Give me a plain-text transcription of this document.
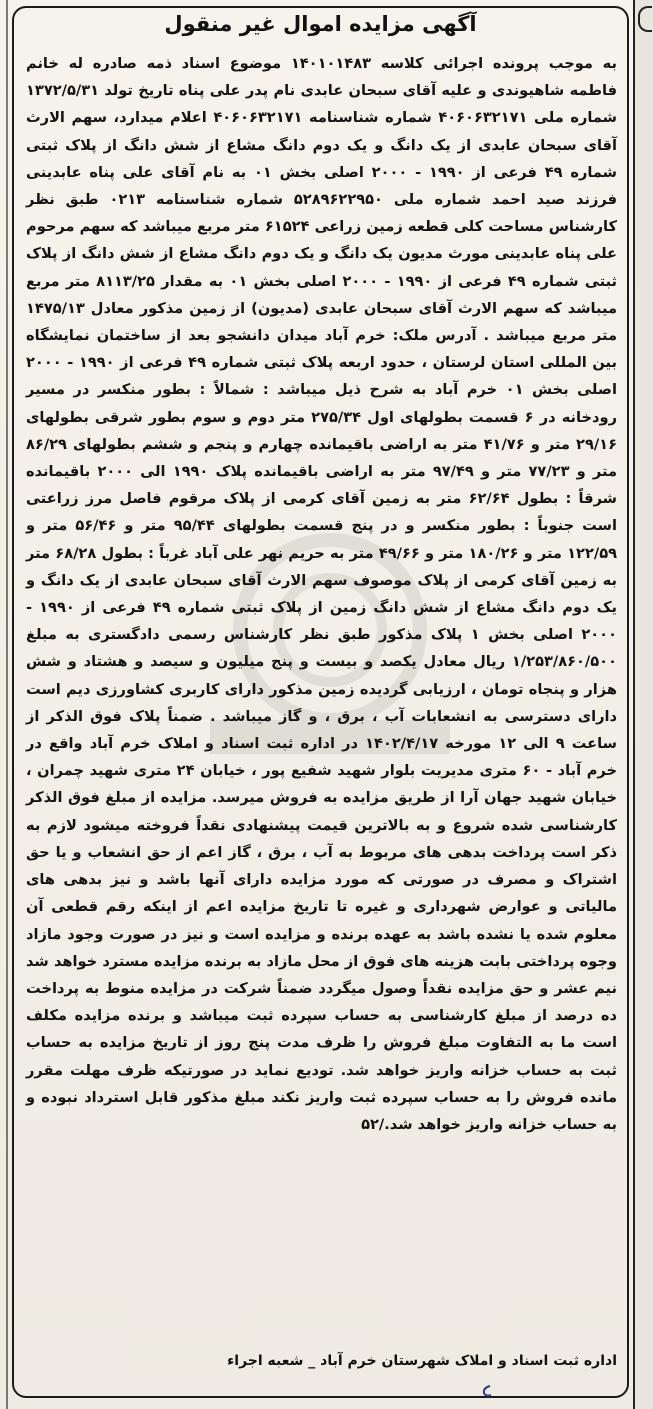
آگهی مزایده اموال غیر منقول
به موجب پرونده اجرائی کلاسه ۱۴۰۱۰۱۴۸۳ موضوع اسناد ذمه صادره له خانم فاطمه شاهیوندی و علیه آقای سبحان عابدی نام پدر علی پناه تاریخ تولد ۱۳۷۲/۵/۳۱ شماره ملی ۴۰۶۰۶۳۲۱۷۱ شماره شناسنامه ۴۰۶۰۶۳۲۱۷۱ اعلام میدارد، سهم الارث آقای سبحان عابدی از یک دانگ و یک دوم دانگ مشاع از شش دانگ از پلاک ثبتی شماره ۴۹ فرعی از ۱۹۹۰ - ۲۰۰۰ اصلی بخش ۰۱ به نام آقای علی پناه عابدینی فرزند صید احمد شماره ملی ۵۲۸۹۶۲۲۹۵۰ شماره شناسنامه ۰۲۱۳ طبق نظر کارشناس مساحت کلی قطعه زمین زراعی ۶۱۵۲۴ متر مربع میباشد که سهم مرحوم علی پناه عابدینی مورث مدیون یک دانگ و یک دوم دانگ مشاع از شش دانگ از پلاک ثبتی شماره ۴۹ فرعی از ۱۹۹۰ - ۲۰۰۰ اصلی بخش ۰۱ به مقدار ۸۱۱۳/۲۵ متر مربع میباشد که سهم الارث آقای سبحان عابدی (مدیون) از زمین مذکور معادل ۱۴۷۵/۱۳ متر مربع میباشد . آدرس ملک: خرم آباد میدان دانشجو بعد از ساختمان نمایشگاه بین المللی استان لرستان ، حدود اربعه پلاک ثبتی شماره ۴۹ فرعی از ۱۹۹۰ - ۲۰۰۰ اصلی بخش ۰۱ خرم آباد به شرح ذیل میباشد : شمالاً : بطور منکسر در مسیر رودخانه در ۶ قسمت بطولهای اول ۲۷۵/۳۴ متر دوم و سوم بطور شرقی بطولهای ۲۹/۱۶ متر و ۴۱/۷۶ متر به اراضی باقیمانده چهارم و پنجم و ششم بطولهای ۸۶/۲۹ متر و ۷۷/۲۳ متر و ۹۷/۴۹ متر به اراضی باقیمانده پلاک ۱۹۹۰ الی ۲۰۰۰ باقیمانده شرقاً : بطول ۶۲/۶۴ متر به زمین آقای کرمی از پلاک مرقوم فاصل مرز زراعتی است جنوباً : بطور منکسر و در پنج قسمت بطولهای ۹۵/۴۴ متر و ۵۶/۴۶ متر و ۱۲۲/۵۹ متر و ۱۸۰/۲۶ متر و ۴۹/۶۶ متر به حریم نهر علی آباد غرباً : بطول ۶۸/۲۸ متر به زمین آقای کرمی از پلاک موصوف سهم الارث آقای سبحان عابدی از یک دانگ و یک دوم دانگ مشاع از شش دانگ زمین از پلاک ثبتی شماره ۴۹ فرعی از ۱۹۹۰ - ۲۰۰۰ اصلی بخش ۱ پلاک مذکور طبق نظر کارشناس رسمی دادگستری به مبلغ ۱/۲۵۳/۸۶۰/۵۰۰ ریال معادل یکصد و بیست و پنج میلیون و سیصد و هشتاد و شش هزار و پنجاه تومان ، ارزیابی گردیده زمین مذکور دارای کاربری کشاورزی دیم است دارای دسترسی به انشعابات آب ، برق ، و گاز میباشد . ضمناً پلاک فوق الذکر از ساعت ۹ الی ۱۲ مورخه ۱۴۰۲/۴/۱۷ در اداره ثبت اسناد و املاک خرم آباد واقع در خرم آباد - ۶۰ متری مدیریت بلوار شهید شفیع پور ، خیابان ۲۴ متری شهید چمران ، خیابان شهید جهان آرا از طریق مزایده به فروش میرسد. مزایده از مبلغ فوق الذکر کارشناسی شده شروع و به بالاترین قیمت پیشنهادی نقداً فروخته میشود لازم به ذکر است پرداخت بدهی های مربوط به آب ، برق ، گاز اعم از حق انشعاب و یا حق اشتراک و مصرف در صورتی که مورد مزایده دارای آنها باشد و نیز بدهی های مالیاتی و عوارض شهرداری و غیره تا تاریخ مزایده اعم از اینکه رقم قطعی آن معلوم شده یا نشده باشد به عهده برنده و مزایده است و نیز در صورت وجود مازاد وجوه پرداختی بابت هزینه های فوق از محل مازاد به برنده مزایده مسترد خواهد شد نیم عشر و حق مزایده نقداً وصول میگردد ضمناً شرکت در مزایده منوط به پرداخت ده درصد از مبلغ کارشناسی به حساب سپرده ثبت میباشد و برنده مزایده مکلف است ما به التفاوت مبلغ فروش را ظرف مدت پنج روز از تاریخ مزایده به حساب ثبت به حساب خزانه واریز خواهد شد. تودیع نماید در صورتیکه ظرف مهلت مقرر مانده فروش را به حساب سپرده ثبت واریز نکند مبلغ مذکور قابل استرداد نبوده و به حساب خزانه واریز خواهد شد./۵۲
اداره ثبت اسناد و املاک شهرستان خرم آباد _ شعبه اجراء
